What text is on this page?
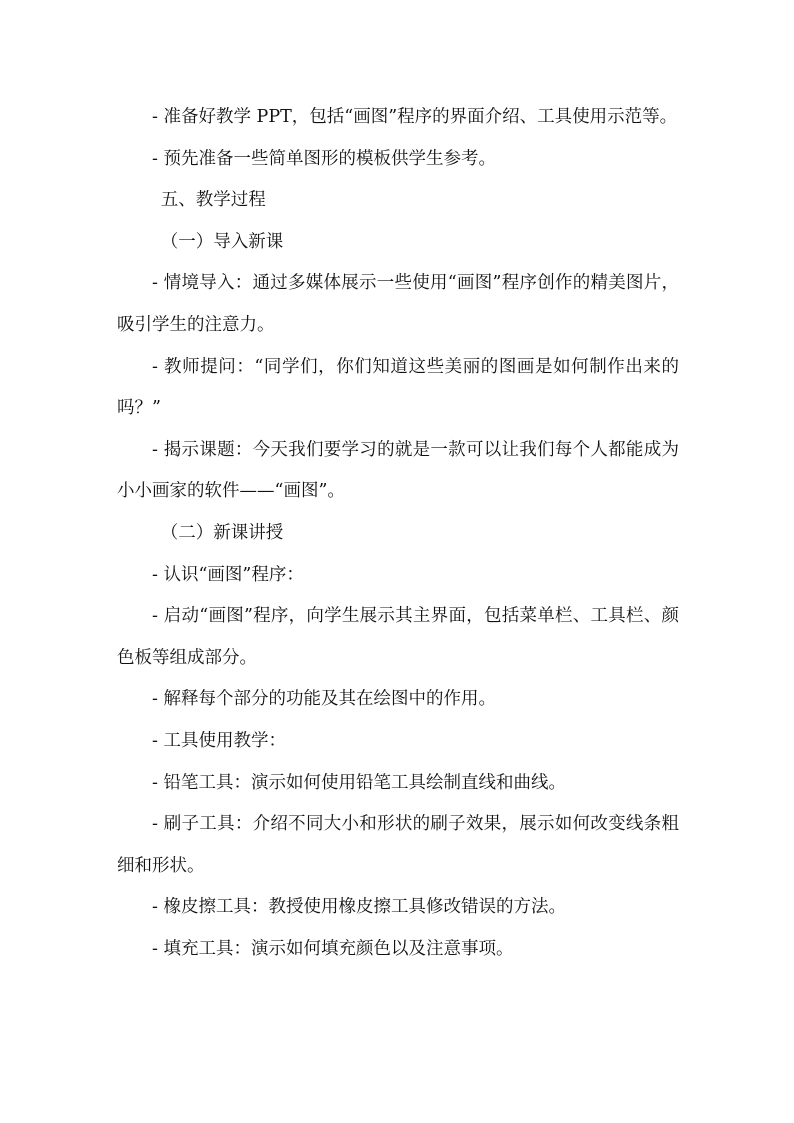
- 准备好教学 PPT，包括“画图”程序的界面介绍、工具使用示范等。

- 预先准备一些简单图形的模板供学生参考。

五、教学过程

（一）导入新课

- 情境导入：通过多媒体展示一些使用“画图”程序创作的精美图片，吸引学生的注意力。

- 教师提问：“同学们，你们知道这些美丽的图画是如何制作出来的吗？”

- 揭示课题：今天我们要学习的就是一款可以让我们每个人都能成为小小画家的软件——“画图”。

（二）新课讲授

- 认识“画图”程序：

- 启动“画图”程序，向学生展示其主界面，包括菜单栏、工具栏、颜色板等组成部分。

- 解释每个部分的功能及其在绘图中的作用。

- 工具使用教学：

- 铅笔工具：演示如何使用铅笔工具绘制直线和曲线。

- 刷子工具：介绍不同大小和形状的刷子效果，展示如何改变线条粗细和形状。

- 橡皮擦工具：教授使用橡皮擦工具修改错误的方法。

- 填充工具：演示如何填充颜色以及注意事项。
